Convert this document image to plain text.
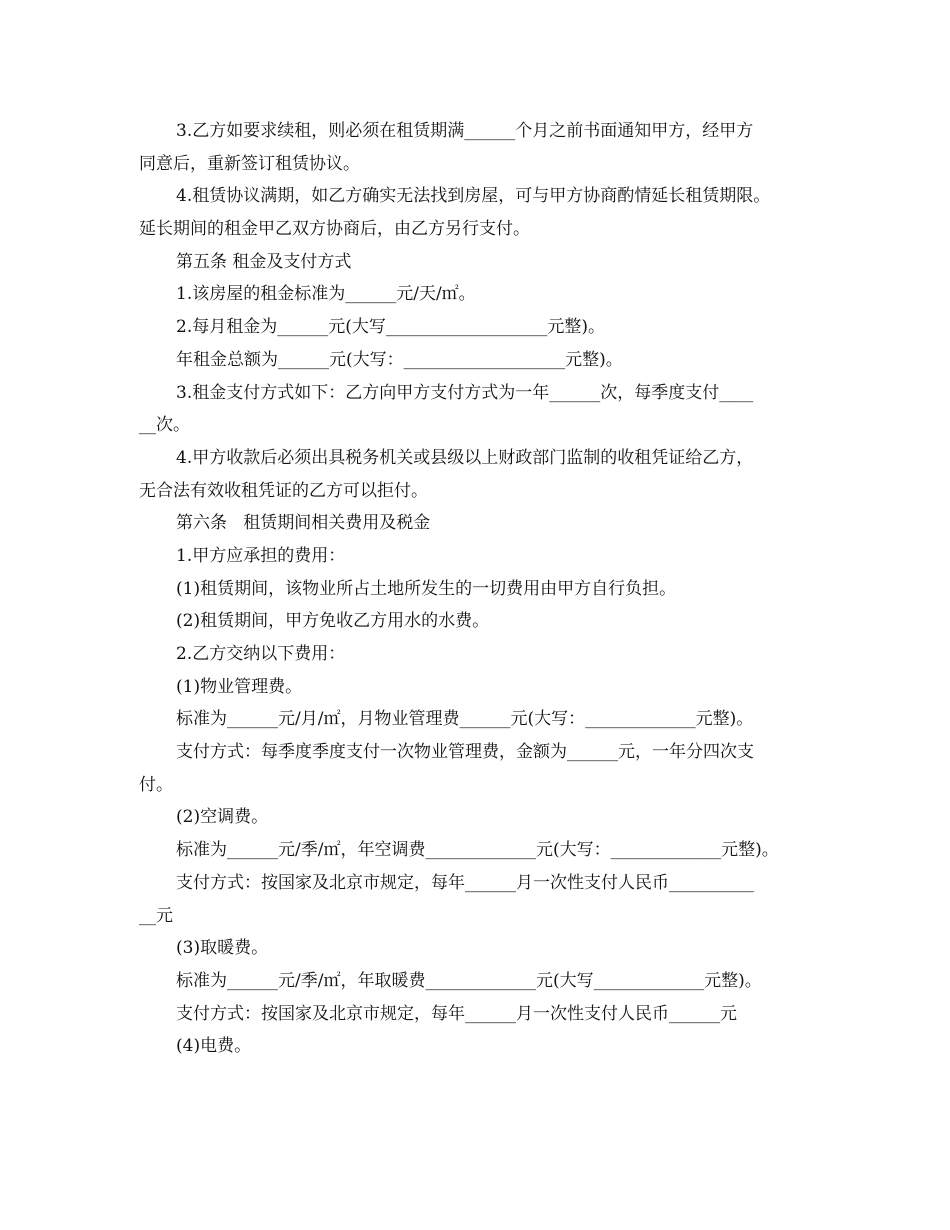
3.乙方如要求续租，则必须在租赁期满______个月之前书面通知甲方，经甲方
同意后，重新签订租赁协议。
4.租赁协议满期，如乙方确实无法找到房屋，可与甲方协商酌情延长租赁期限。
延长期间的租金甲乙双方协商后，由乙方另行支付。
第五条 租金及支付方式
1.该房屋的租金标准为______元/天/㎡。
2.每月租金为______元(大写___________________元整)。
年租金总额为______元(大写：___________________元整)。
3.租金支付方式如下：乙方向甲方支付方式为一年______次，每季度支付____
__次。
4.甲方收款后必须出具税务机关或县级以上财政部门监制的收租凭证给乙方，
无合法有效收租凭证的乙方可以拒付。
第六条   租赁期间相关费用及税金
1.甲方应承担的费用：
(1)租赁期间，该物业所占土地所发生的一切费用由甲方自行负担。
(2)租赁期间，甲方免收乙方用水的水费。
2.乙方交纳以下费用：
(1)物业管理费。
标准为______元/月/㎡，月物业管理费______元(大写：_____________元整)。
支付方式：每季度季度支付一次物业管理费，金额为______元，一年分四次支
付。
(2)空调费。
标准为______元/季/㎡，年空调费_____________元(大写：_____________元整)。
支付方式：按国家及北京市规定，每年______月一次性支付人民币__________
__元
(3)取暖费。
标准为______元/季/㎡，年取暖费_____________元(大写_____________元整)。
支付方式：按国家及北京市规定，每年______月一次性支付人民币______元
(4)电费。
